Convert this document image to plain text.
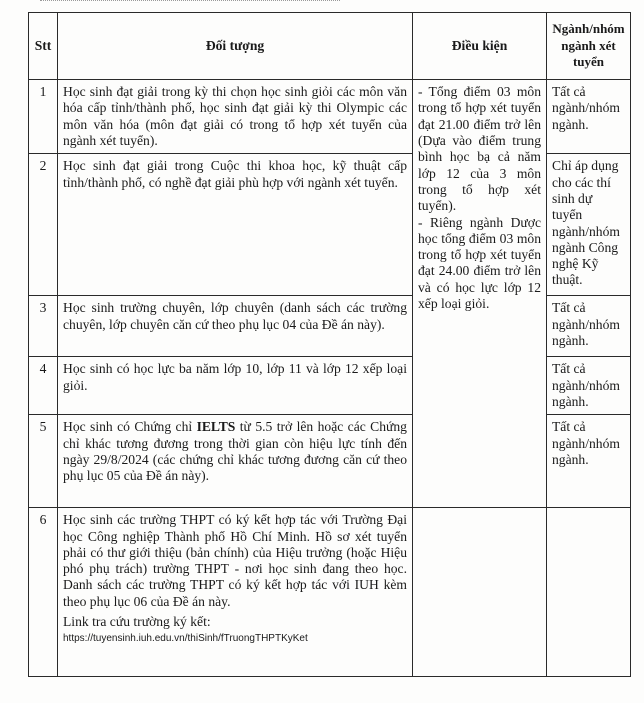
Stt	Đối tượng	Điều kiện	Ngành/nhóm ngành xét tuyển
1	Học sinh đạt giải trong kỳ thi chọn học sinh giỏi các môn văn hóa cấp tỉnh/thành phố, học sinh đạt giải kỳ thi Olympic các môn văn hóa (môn đạt giải có trong tổ hợp xét tuyển của ngành xét tuyển).	- Tổng điểm 03 môn trong tổ hợp xét tuyển đạt 21.00 điểm trở lên (Dựa vào điểm trung bình học bạ cả năm lớp 12 của 3 môn trong tổ hợp xét tuyển).
- Riêng ngành Dược học tổng điểm 03 môn trong tổ hợp xét tuyển đạt 24.00 điểm trở lên và có học lực lớp 12 xếp loại giỏi.	Tất cả ngành/nhóm ngành.
2	Học sinh đạt giải trong Cuộc thi khoa học, kỹ thuật cấp tỉnh/thành phố, có nghề đạt giải phù hợp với ngành xét tuyển.		Chỉ áp dụng cho các thí sinh dự tuyển ngành/nhóm ngành Công nghệ Kỹ thuật.
3	Học sinh trường chuyên, lớp chuyên (danh sách các trường chuyên, lớp chuyên căn cứ theo phụ lục 04 của Đề án này).		Tất cả ngành/nhóm ngành.
4	Học sinh có học lực ba năm lớp 10, lớp 11 và lớp 12 xếp loại giỏi.		Tất cả ngành/nhóm ngành.
5	Học sinh có Chứng chỉ IELTS từ 5.5 trở lên hoặc các Chứng chỉ khác tương đương trong thời gian còn hiệu lực tính đến ngày 29/8/2024 (các chứng chỉ khác tương đương căn cứ theo phụ lục 05 của Đề án này).		Tất cả ngành/nhóm ngành.
6	Học sinh các trường THPT có ký kết hợp tác với Trường Đại học Công nghiệp Thành phố Hồ Chí Minh. Hồ sơ xét tuyển phải có thư giới thiệu (bản chính) của Hiệu trưởng (hoặc Hiệu phó phụ trách) trường THPT - nơi học sinh đang theo học. Danh sách các trường THPT có ký kết hợp tác với IUH kèm theo phụ lục 06 của Đề án này.
Link tra cứu trường ký kết:
https://tuyensinh.iuh.edu.vn/thiSinh/fTruongTHPTKyKet		
